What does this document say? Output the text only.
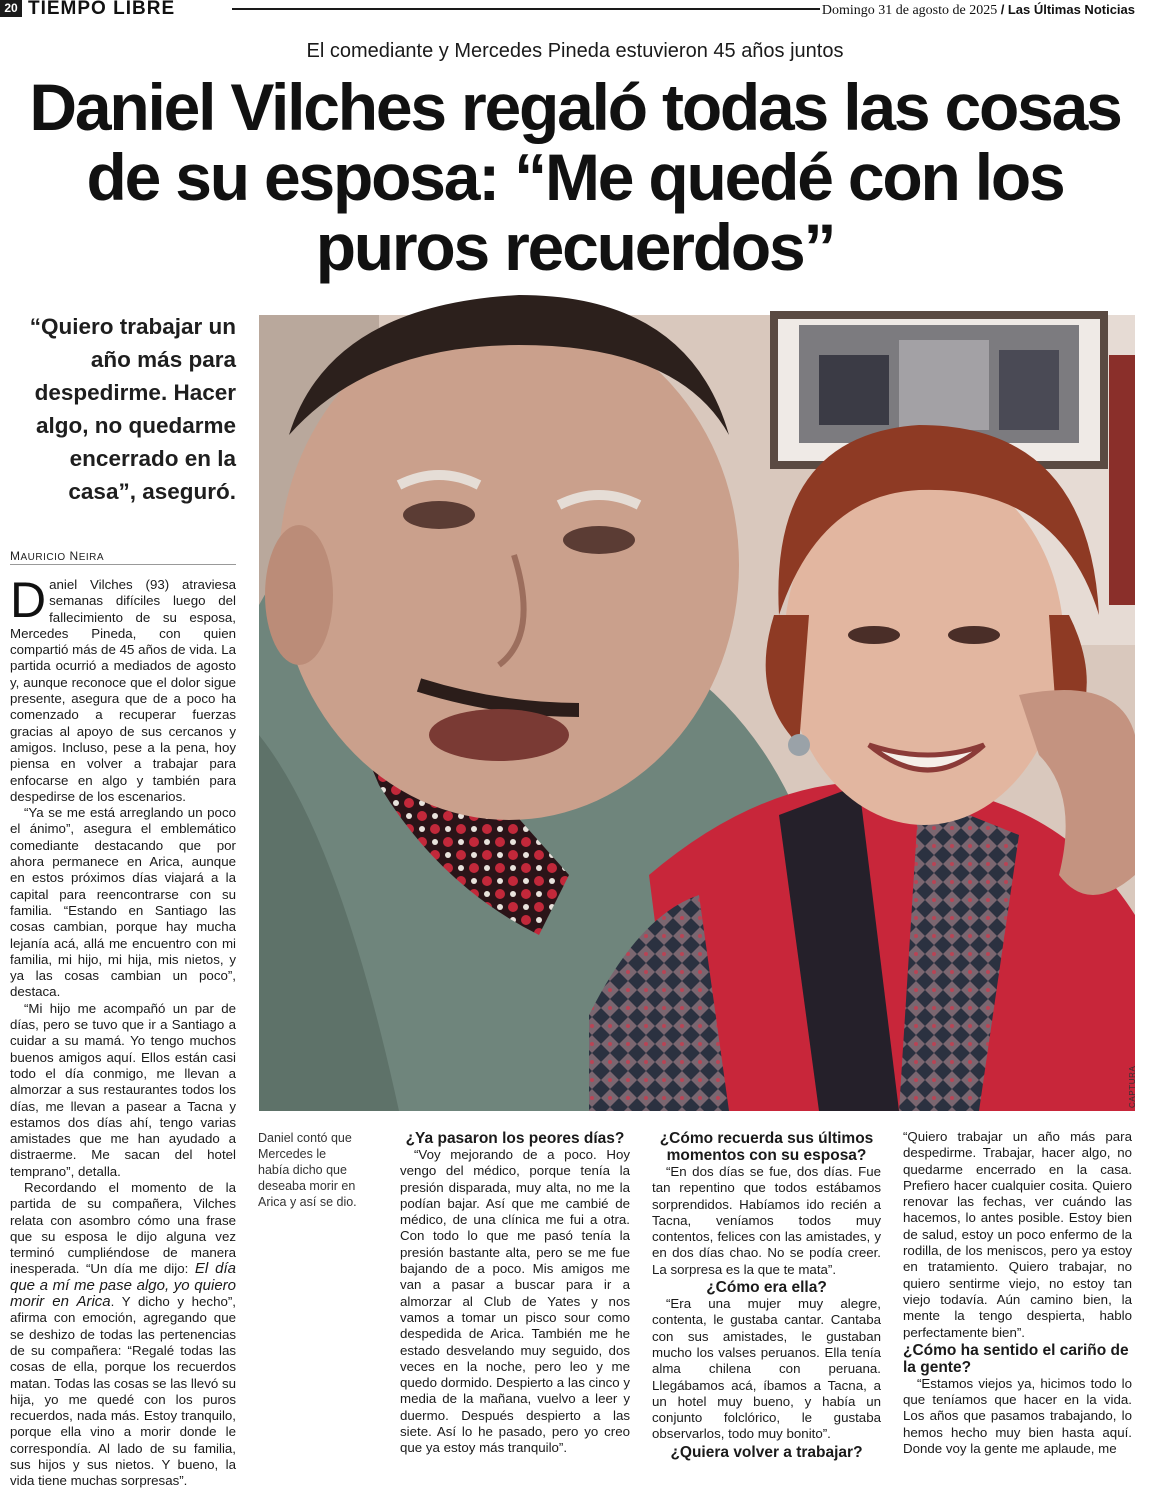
20 TIEMPO LIBRE	Domingo 31 de agosto de 2025 / Las Últimas Noticias
El comediante y Mercedes Pineda estuvieron 45 años juntos
Daniel Vilches regaló todas las cosas de su esposa: “Me quedé con los puros recuerdos”
“Quiero trabajar un año más para despedirme. Hacer algo, no quedarme encerrado en la casa”, aseguró.
MAURICIO NEIRA
CAPTURA
Daniel contó que Mercedes le había dicho que deseaba morir en Arica y así se dio.

Daniel Vilches (93) atraviesa semanas difíciles luego del fallecimiento de su esposa, Mercedes Pineda, con quien compartió más de 45 años de vida. La partida ocurrió a mediados de agosto y, aunque reconoce que el dolor sigue presente, asegura que de a poco ha comenzado a recuperar fuerzas gracias al apoyo de sus cercanos y amigos. Incluso, pese a la pena, hoy piensa en volver a trabajar para enfocarse en algo y también para despedirse de los escenarios.

“Ya se me está arreglando un poco el ánimo”, asegura el emblemático comediante destacando que por ahora permanece en Arica, aunque en estos próximos días viajará a la capital para reencontrarse con su familia. “Estando en Santiago las cosas cambian, porque hay mucha lejanía acá, allá me encuentro con mi familia, mi hijo, mi hija, mis nietos, y ya las cosas cambian un poco”, destaca.

“Mi hijo me acompañó un par de días, pero se tuvo que ir a Santiago a cuidar a su mamá. Yo tengo muchos buenos amigos aquí. Ellos están casi todo el día conmigo, me llevan a almorzar a sus restaurantes todos los días, me llevan a pasear a Tacna y estamos dos días ahí, tengo varias amistades que me han ayudado a distraerme. Me sacan del hotel temprano”, detalla.

Recordando el momento de la partida de su compañera, Vilches relata con asombro cómo una frase que su esposa le dijo alguna vez terminó cumpliéndose de manera inesperada. “Un día me dijo: El día que a mí me pase algo, yo quiero morir en Arica. Y dicho y hecho”, afirma con emoción, agregando que se deshizo de todas las pertenencias de su compañera: “Regalé todas las cosas de ella, porque los recuerdos matan. Todas las cosas se las llevó su hija, yo me quedé con los puros recuerdos, nada más. Estoy tranquilo, porque ella vino a morir donde le correspondía. Al lado de su familia, sus hijos y sus nietos. Y bueno, la vida tiene muchas sorpresas”.

¿Ya pasaron los peores días?

“Voy mejorando de a poco. Hoy vengo del médico, porque tenía la presión disparada, muy alta, no me la podían bajar. Así que me cambié de médico, de una clínica me fui a otra. Con todo lo que me pasó tenía la presión bastante alta, pero se me fue bajando de a poco. Mis amigos me van a pasar a buscar para ir a almorzar al Club de Yates y nos vamos a tomar un pisco sour como despedida de Arica. También me he estado desvelando muy seguido, dos veces en la noche, pero leo y me quedo dormido. Despierto a las cinco y media de la mañana, vuelvo a leer y duermo. Después despierto a las siete. Así lo he pasado, pero yo creo que ya estoy más tranquilo”.

¿Cómo recuerda sus últimos momentos con su esposa?

“En dos días se fue, dos días. Fue tan repentino que todos estábamos sorprendidos. Habíamos ido recién a Tacna, veníamos todos muy contentos, felices con las amistades, y en dos días chao. No se podía creer. La sorpresa es la que te mata”.

¿Cómo era ella?

“Era una mujer muy alegre, contenta, le gustaba cantar. Cantaba con sus amistades, le gustaban mucho los valses peruanos. Ella tenía alma chilena con peruana. Llegábamos acá, íbamos a Tacna, a un hotel muy bueno, y había un conjunto folclórico, le gustaba observarlos, todo muy bonito”.

¿Quiera volver a trabajar?

“Quiero trabajar un año más para despedirme. Trabajar, hacer algo, no quedarme encerrado en la casa. Prefiero hacer cualquier cosita. Quiero renovar las fechas, ver cuándo las hacemos, lo antes posible. Estoy bien de salud, estoy un poco enfermo de la rodilla, de los meniscos, pero ya estoy en tratamiento. Quiero trabajar, no quiero sentirme viejo, no estoy tan viejo todavía. Aún camino bien, la mente la tengo despierta, hablo perfectamente bien”.

¿Cómo ha sentido el cariño de la gente?

“Estamos viejos ya, hicimos todo lo que teníamos que hacer en la vida. Los años que pasamos trabajando, lo hemos hecho muy bien hasta aquí. Donde voy la gente me aplaude, me
